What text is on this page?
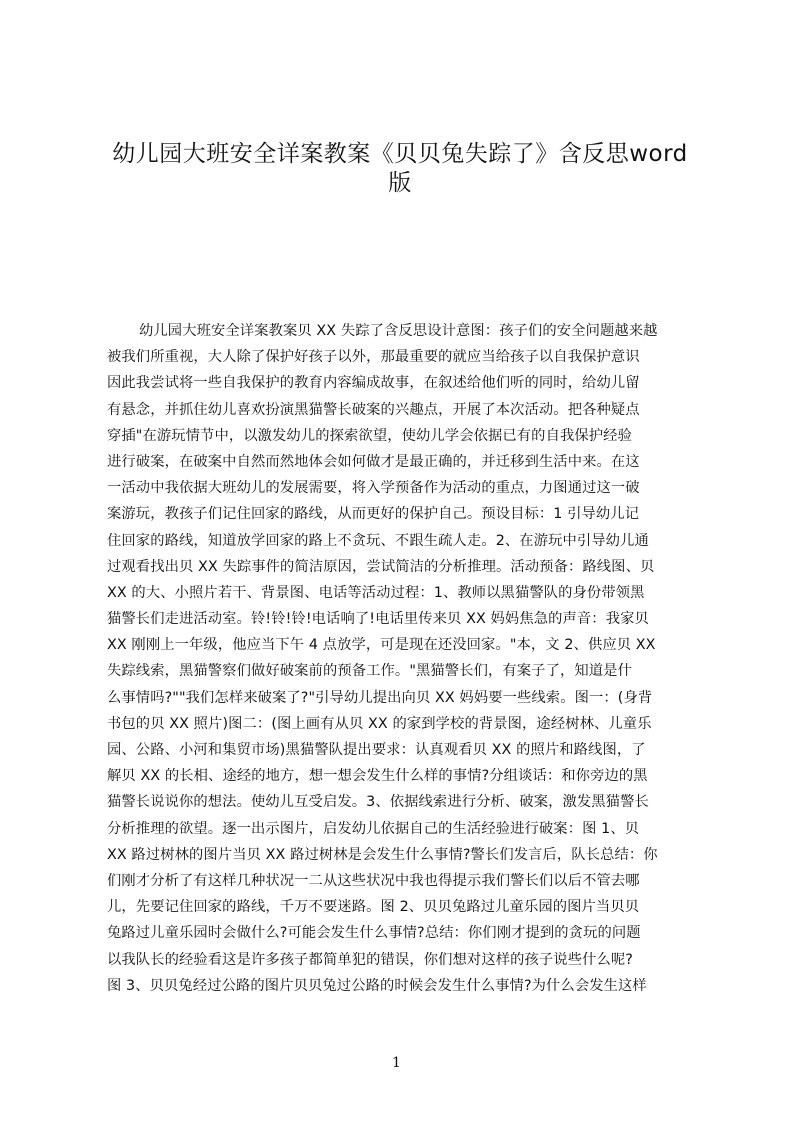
幼儿园大班安全详案教案《贝贝兔失踪了》含反思word
版
幼儿园大班安全详案教案贝 XX 失踪了含反思设计意图：孩子们的安全问题越来越
被我们所重视，大人除了保护好孩子以外，那最重要的就应当给孩子以自我保护意识
因此我尝试将一些自我保护的教育内容编成故事，在叙述给他们听的同时，给幼儿留
有悬念，并抓住幼儿喜欢扮演黑猫警长破案的兴趣点，开展了本次活动。把各种疑点
穿插"在游玩情节中，以激发幼儿的探索欲望，使幼儿学会依据已有的自我保护经验
进行破案，在破案中自然而然地体会如何做才是最正确的，并迁移到生活中来。在这
一活动中我依据大班幼儿的发展需要，将入学预备作为活动的重点，力图通过这一破
案游玩，教孩子们记住回家的路线，从而更好的保护自己。预设目标：1 引导幼儿记
住回家的路线，知道放学回家的路上不贪玩、不跟生疏人走。2、在游玩中引导幼儿通
过观看找出贝 XX 失踪事件的简洁原因，尝试简洁的分析推理。活动预备：路线图、贝
XX 的大、小照片若干、背景图、电话等活动过程：1、教师以黑猫警队的身份带领黑
猫警长们走进活动室。铃!铃!铃!电话响了!电话里传来贝 XX 妈妈焦急的声音：我家贝
XX 刚刚上一年级，他应当下午 4 点放学，可是现在还没回家。"本，文 2、供应贝 XX
失踪线索，黑猫警察们做好破案前的预备工作。"黑猫警长们，有案子了，知道是什
么事情吗?""我们怎样来破案了?"引导幼儿提出向贝 XX 妈妈要一些线索。图一：(身背
书包的贝 XX 照片)图二：(图上画有从贝 XX 的家到学校的背景图，途经树林、儿童乐
园、公路、小河和集贸市场)黑猫警队提出要求：认真观看贝 XX 的照片和路线图，了
解贝 XX 的长相、途经的地方，想一想会发生什么样的事情?分组谈话：和你旁边的黑
猫警长说说你的想法。使幼儿互受启发。3、依据线索进行分析、破案，激发黑猫警长
分析推理的欲望。逐一出示图片，启发幼儿依据自己的生活经验进行破案：图 1、贝
XX 路过树林的图片当贝 XX 路过树林是会发生什么事情?警长们发言后，队长总结：你
们刚才分析了有这样几种状况一二从这些状况中我也得提示我们警长们以后不管去哪
儿，先要记住回家的路线，千万不要迷路。图 2、贝贝兔路过儿童乐园的图片当贝贝
兔路过儿童乐园时会做什么?可能会发生什么事情?总结：你们刚才提到的贪玩的问题
以我队长的经验看这是许多孩子都简单犯的错误，你们想对这样的孩子说些什么呢?
图 3、贝贝兔经过公路的图片贝贝兔过公路的时候会发生什么事情?为什么会发生这样
1
